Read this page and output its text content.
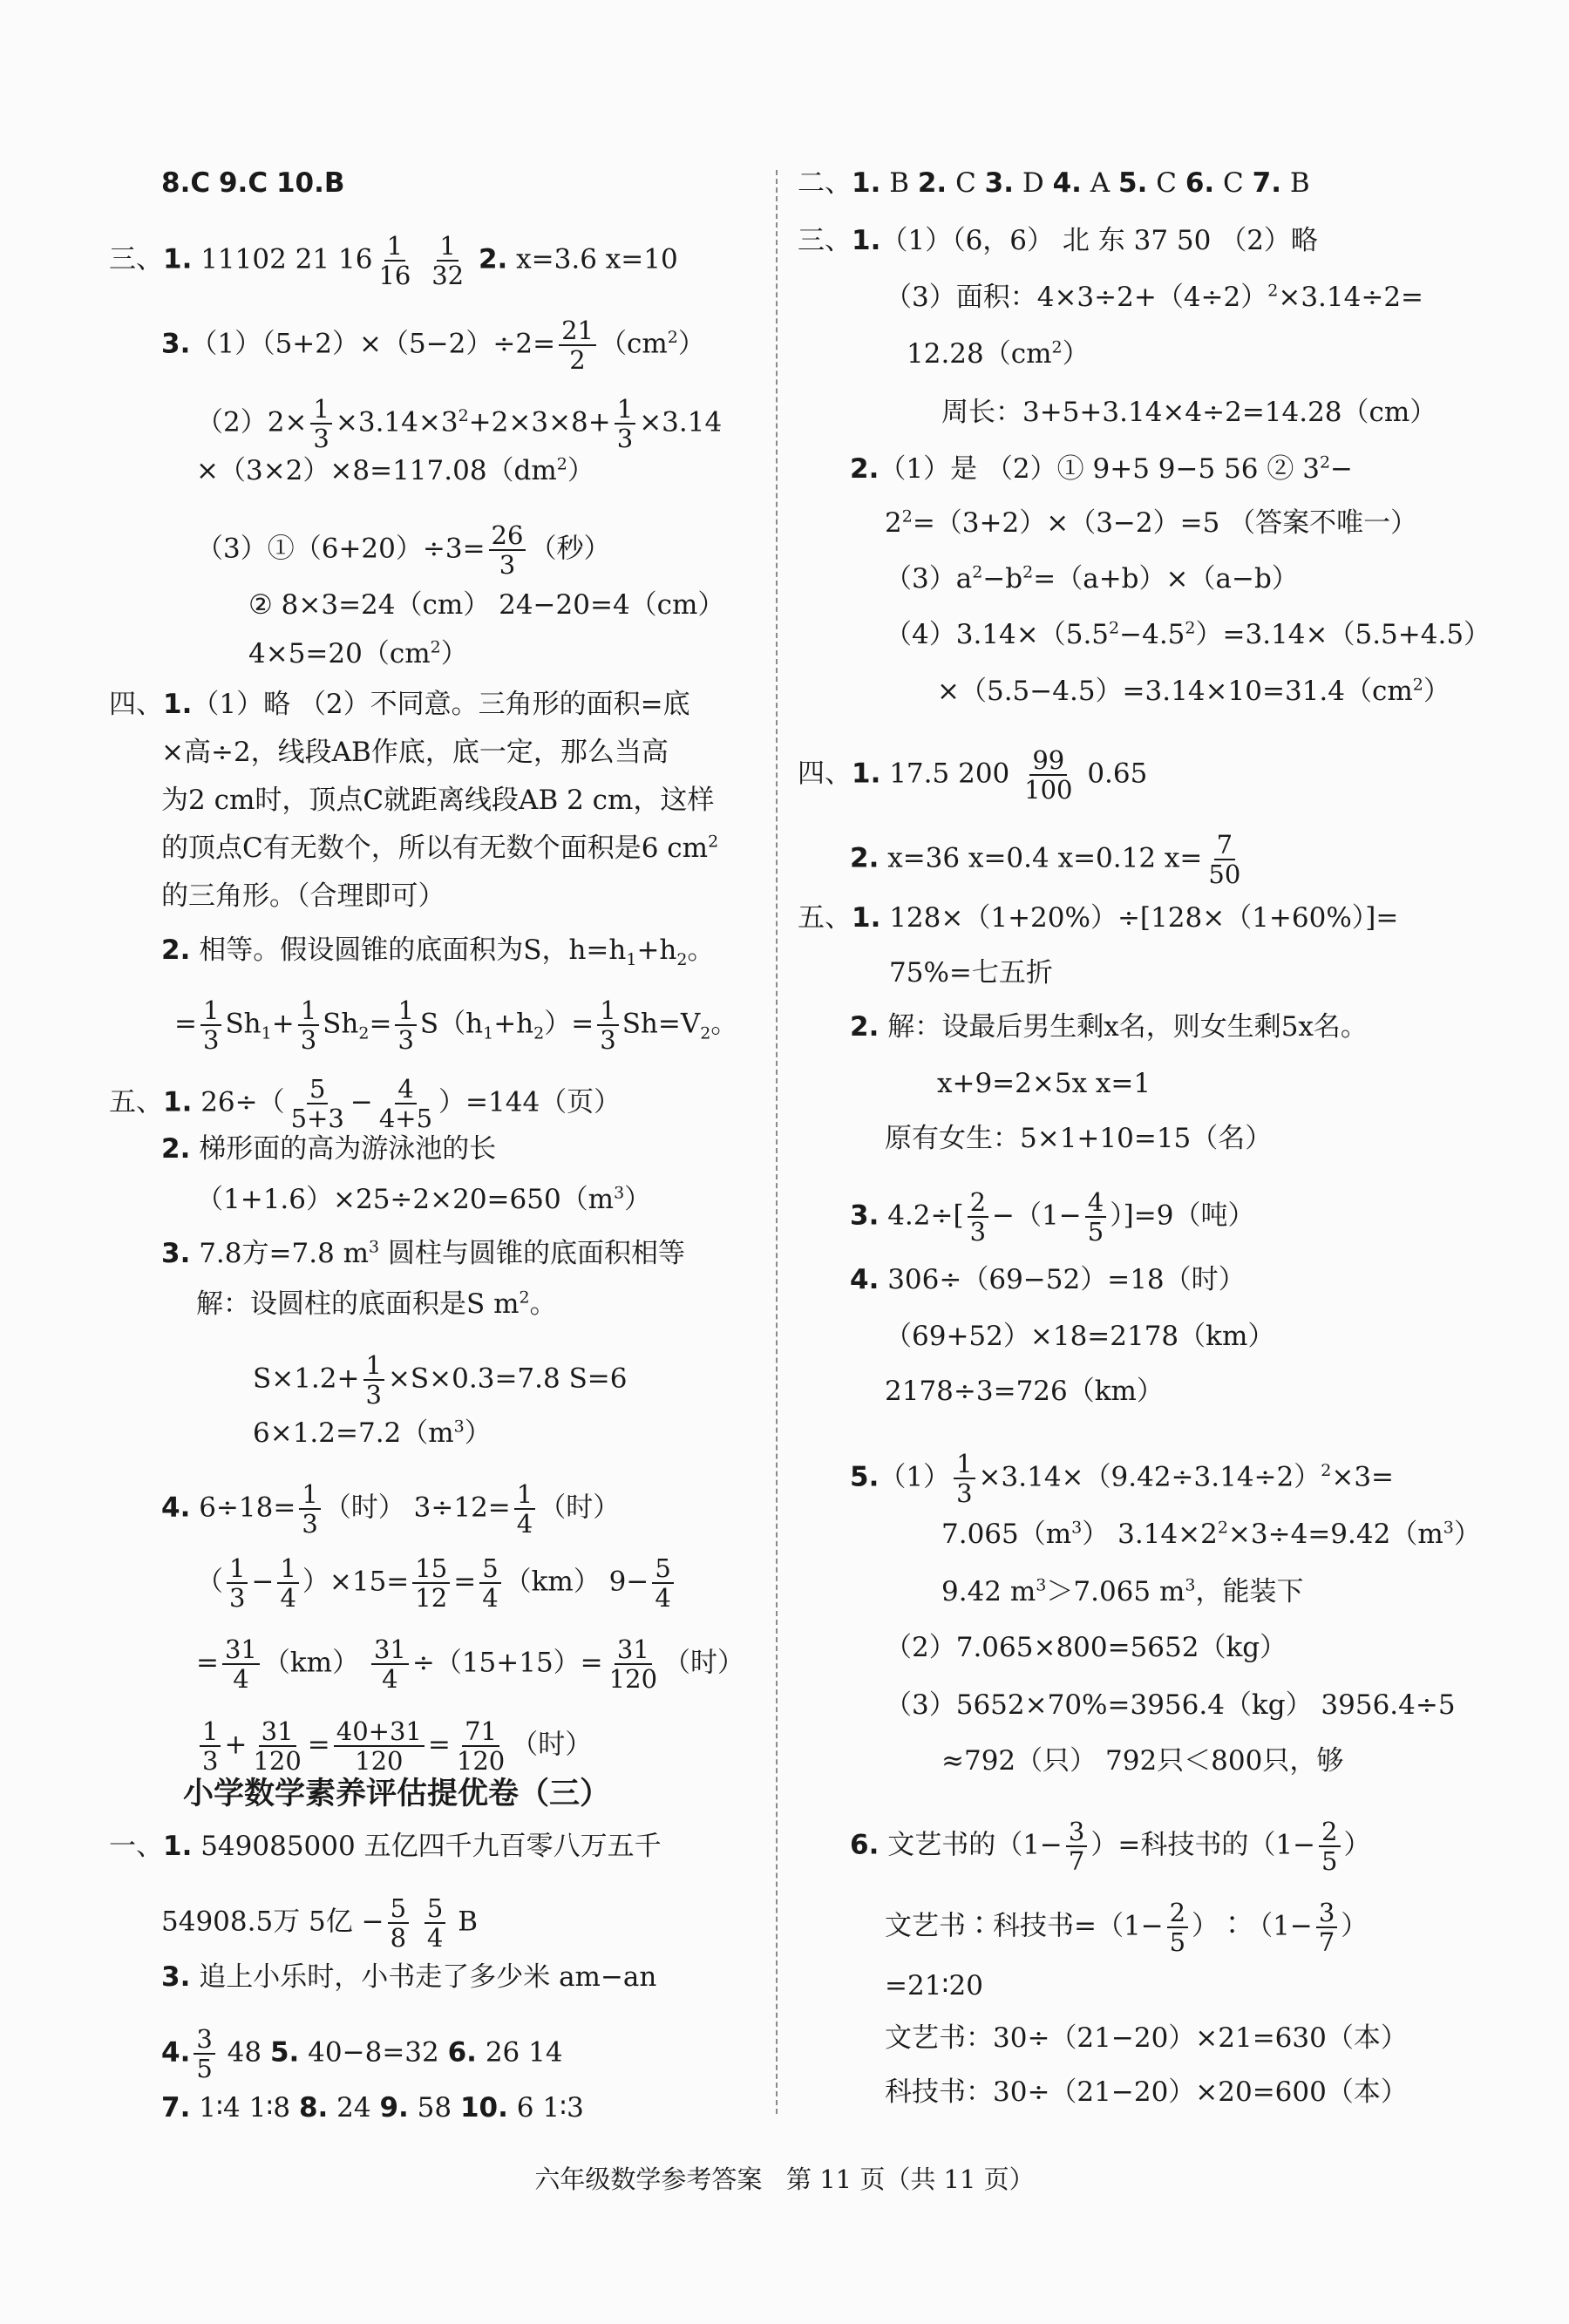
8.C 9.C 10.B
三、1. 11102 21 $16 \frac{1}{16}$
$\frac{1}{32} 2$. x=3.6 x=10
$3.(1)(5+2)\times(5-2)\div 2= \frac{21}{2} (cm^2)$
$(2)2\times \frac{1}{3} \times 3.14\times 3^2+2\times 3\times 8+ \frac{1}{3} \times 3.14$
$\times(3\times 2)\times 8=117.08(dm^2)$
（3）①（6+20）÷3= $\frac{26}{3}$ （秒）
② 8×3=24（cm） 24−20=4（cm）
$4\times 5=20(cm^2)$
四、1.（1）略 （2）不同意。三角形的面积=底
×高÷2，线段AB作底，底一定，那么当高
为2 cm时，顶点C就距离线段AB 2 cm，这样
的顶点C有无数个，所以有无数个面积是6 $cm^2$
的三角形。（合理即可）
2. 相等。假设圆锥的底面积为S，$h=h_1+h_2$。
= $\frac{1}{3} Sh_1+ \frac{1}{3} Sh_2= \frac{1}{3} S(h_1+h_2)= \frac{1}{3} Sh=V_2$。
五、1. $26\div( \frac{5}{5+3} - \frac{4}{4+5} )=144$（页）
2. 梯形面的高为游泳池的长
$(1+1.6)\times 25\div 2\times 20=650(m^3)$
3. 7.8方=7.8 $m^3$ 圆柱与圆锥的底面积相等
解：设圆柱的底面积是S $m^2$。
$S\times 1.2+ \frac{1}{3} \times S\times 0.3=7.8$ S=6
$6\times 1.2=7.2(m^3)$
4. $6\div 18= \frac{1}{3}$ （时） $3\div 12= \frac{1}{4}$ （时）
（ $\frac{1}{3} - \frac{1}{4} )\times 15= \frac{15}{12} = \frac{5}{4} (km)$ $9- \frac{5}{4}$
= $\frac{31}{4} (km) \frac{31}{4} \div(15+15)= \frac{31}{120}$ （时）
$\frac{1}{3} + \frac{31}{120} = \frac{40+31}{120} = \frac{71}{120}$ （时）
小学数学素养评估提优卷（三）
一、1. 549085000 五亿四千九百零八万五千
54908.5万 5亿 − $\frac{5}{8}$
$\frac{5}{4}$ B
3. 追上小乐时，小书走了多少米 am−an
4. $\frac{3}{5} 48$ 5. 40−8=32 6. 26 14
7. 1∶4 1∶8 8. 24 9. 58 10. 6 1∶3
二、1. B 2. C 3. D 4. A 5. C 6. C 7. B
三、1.（1）（6，6） 北 东 37 50 （2）略
（3）面积：$4\times 3\div 2+(4\div 2)^2\times 3.14\div 2=$
$12.28(cm^2)$
周长：3+5+3.14×4÷2=14.28（cm）
2.（1）是 （2）① 9+5 9−5 56 ② $3^2-$
$2^2=(3+2)\times(3-2)=5$ （答案不唯一）
$(3)a^2-b^2=(a+b)\times(a-b)$
$(4)3.14\times(5.5^2-4.5^2)=3.14\times(5.5+4.5)$
$\times(5.5-4.5)=3.14\times 10=31.4(cm^2)$
四、1. 17.5 $200 \frac{99}{100} 0.65$
2. x=36 x=0.4 x=0.12 $x= \frac{7}{50}$
五、1. 128×（1+20%）÷[128×（1+60%）]=
75%=七五折
2. 解：设最后男生剩x名，则女生剩5x名。
x+9=2×5x x=1
原有女生：5×1+10=15（名）
3. $4.2\div[ \frac{2}{3} -(1- \frac{4}{5} )]=9$（吨）
4. 306÷（69−52）=18（时）
（69+52）×18=2178（km）
2178÷3=726（km）
$5.(1) \frac{1}{3} \times 3.14\times(9.42\div 3.14\div 2)^2\times 3=$
$7.065(m^3)$ $3.14\times 2^2\times 3\div 4=9.42(m^3)$
9.42 $m^3>7.065$ $m^3$，能装下
（2）7.065×800=5652（kg）
（3）5652×70%=3956.4（kg） 3956.4÷5
≈792（只） 792只＜800只，够
6. 文艺书的（$1- \frac{3}{7}$ ）=科技书的（$1- \frac{2}{5}$ ）
文艺书∶科技书$=(1- \frac{2}{5}$ ）∶（1− $\frac{3}{7}$ ）
=21∶20
文艺书：30÷（21−20）×21=630（本）
科技书：30÷（21−20）×20=600（本）
六年级数学参考答案   第 11 页（共 11 页）
